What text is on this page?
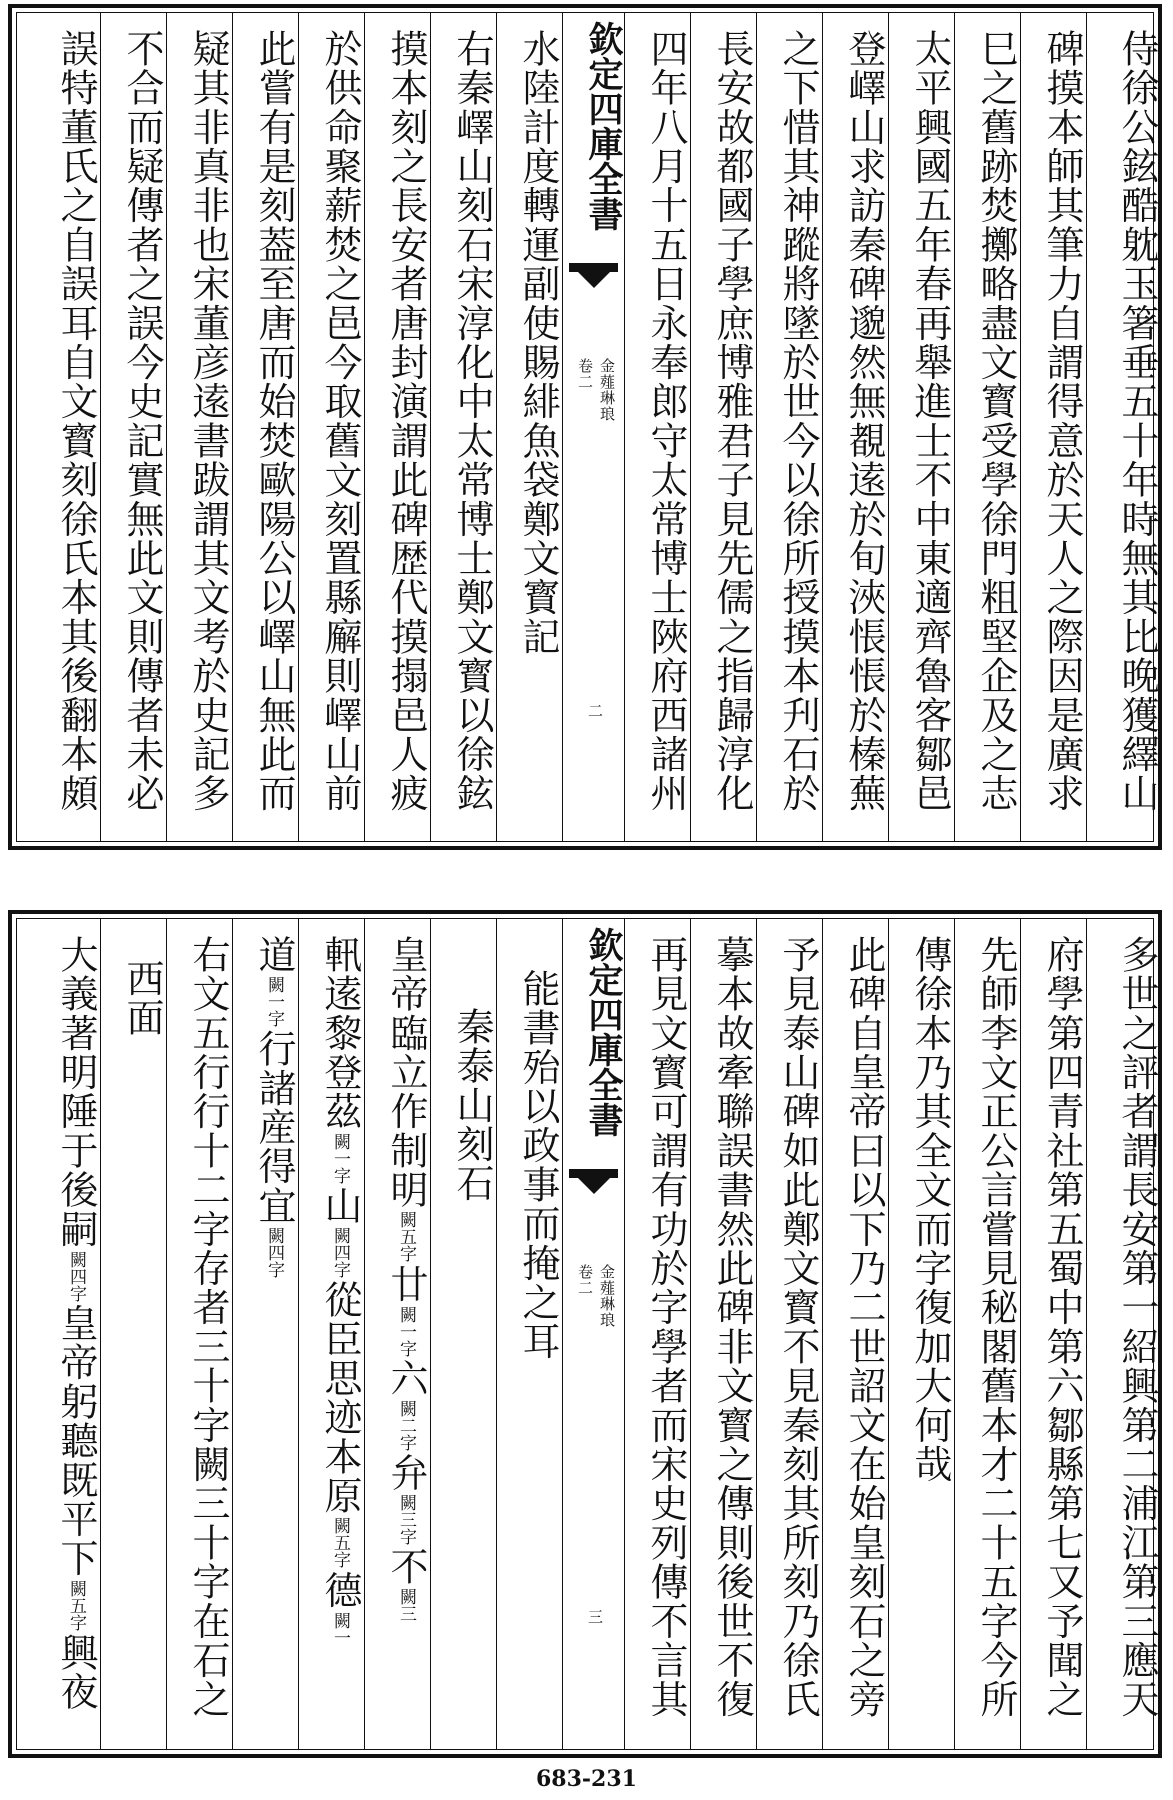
侍徐公鉉酷躭玉箸垂五十年時無其比晚獲繹山
碑摸本師其筆力自謂得意於天人之際因是廣求
巳之舊跡焚擲略盡文寳受學徐門粗堅企及之志
太平興國五年春再舉進士不中東適齊魯客鄒邑
登嶧山求訪秦碑邈然無覩逺於旬浹悵悵於榛蕪
之下惜其神蹤將墜於世今以徐所授摸本刋石於
長安故都國子學庶博雅君子見先儒之指歸淳化
四年八月十五日永奉郎守太常博士陜府西諸州
欽定四庫全書
金薤琳琅
卷二
二
水陸計度轉運副使賜緋魚袋鄭文寳記
右秦嶧山刻石宋淳化中太常博士鄭文寳以徐鉉
摸本刻之長安者唐封演謂此碑歴代摸搨邑人疲
於供命聚薪焚之邑今取舊文刻置縣廨則嶧山前
此嘗有是刻葢至唐而始焚歐陽公以嶧山無此而
疑其非真非也宋董彦逺書跋謂其文考於史記多
不合而疑傳者之誤今史記實無此文則傳者未必
誤特董氏之自誤耳自文寳刻徐氏本其後翻本頗
多世之評者謂長安第一紹興第二浦江第三應天
府學第四青社第五蜀中第六鄒縣第七又予聞之
先師李文正公言嘗見秘閣舊本才二十五字今所
傳徐本乃其全文而字復加大何哉
此碑自皇帝曰以下乃二世詔文在始皇刻石之旁
予見泰山碑如此鄭文寳不見秦刻其所刻乃徐氏
摹本故牽聯誤書然此碑非文寳之傳則後世不復
再見文寳可謂有功於字學者而宋史列傳不言其
欽定四庫全書
金薤琳琅
卷二
三
能書殆以政事而掩之耳
秦泰山刻石
皇帝臨立作制明闕五字廿闕一字六闕二字弁闕三字不闕三
軐逺黎登茲闕一字山闕四字從臣思迹本原闕五字德闕一
道闕一字行諸産得宜闕四字
右文五行行十二字存者三十字闕三十字在石之
西面
大義著明陲于後嗣闕四字皇帝躬聽既平下闕五字興夜
683-231
